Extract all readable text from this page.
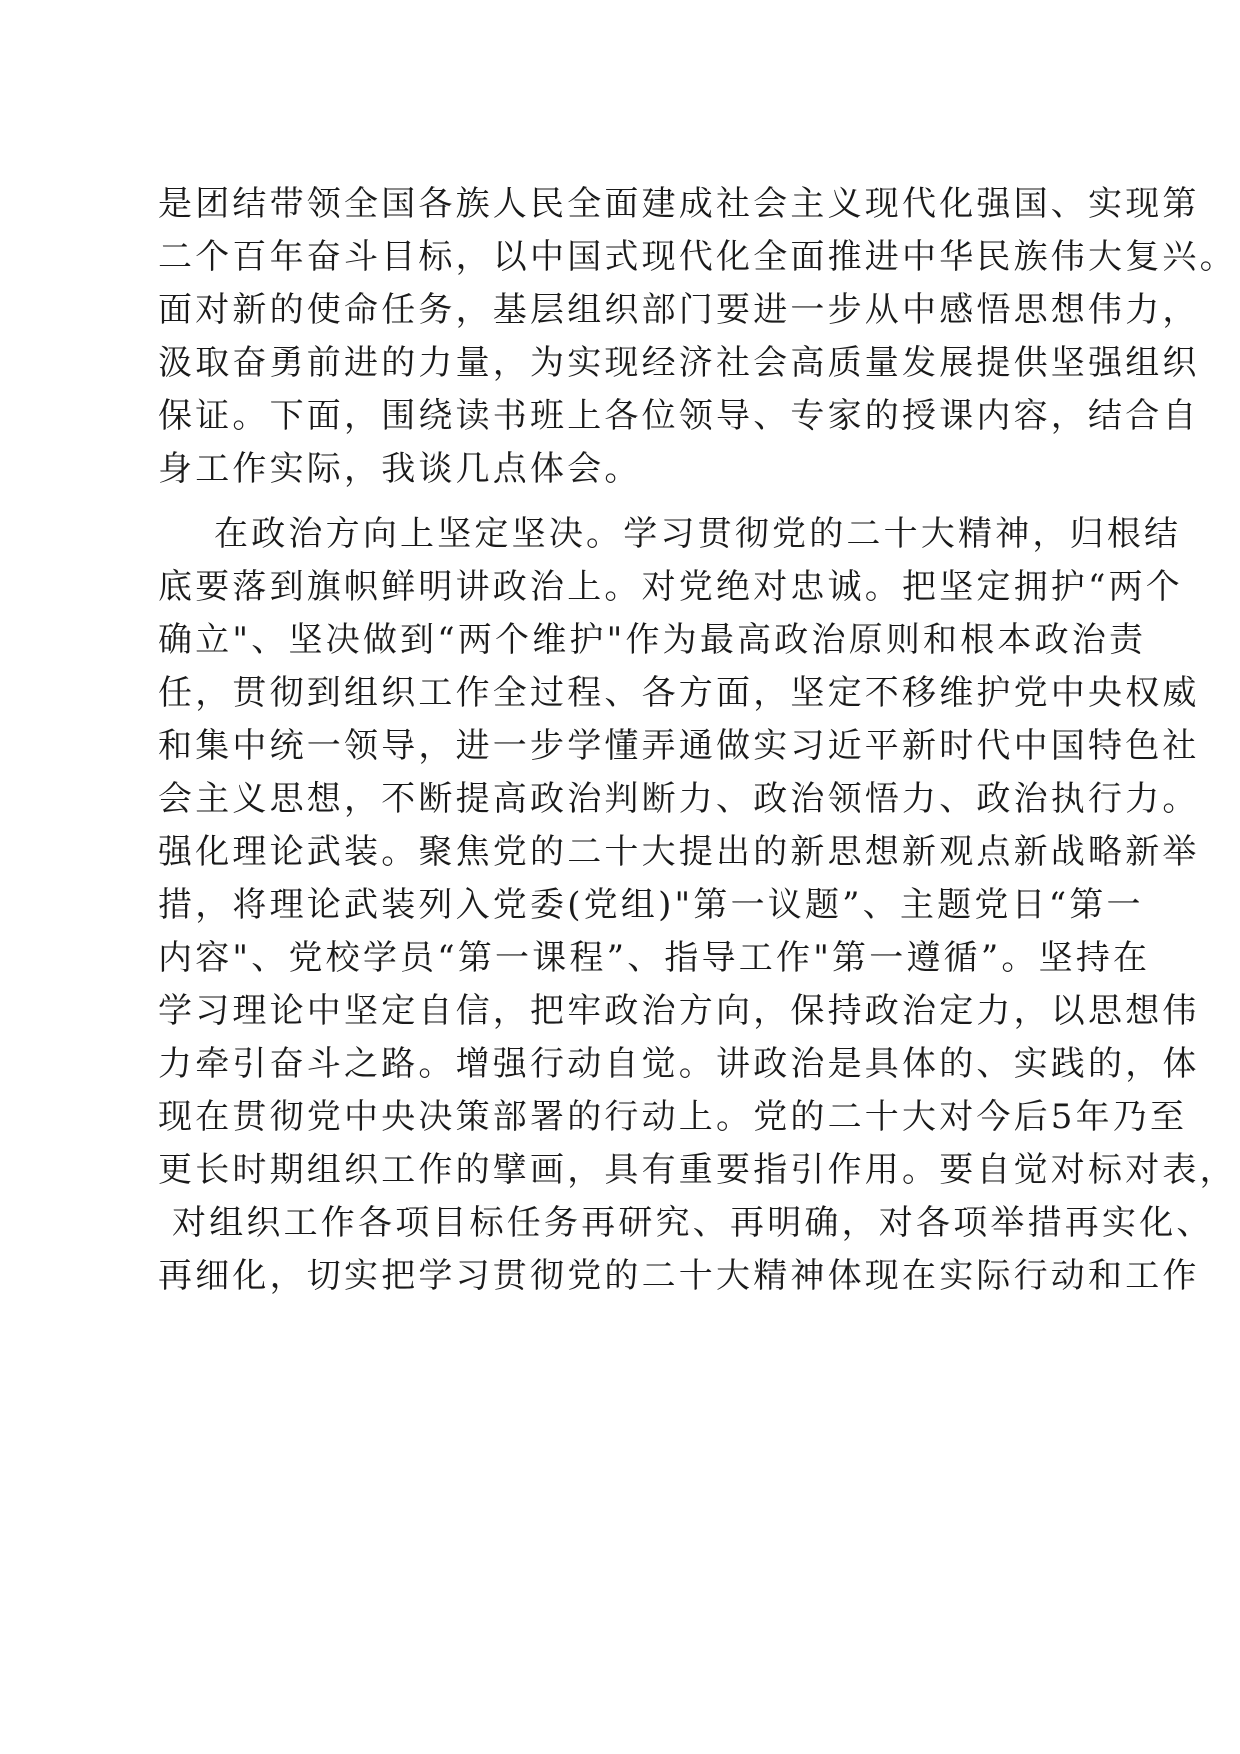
是团结带领全国各族人民全面建成社会主义现代化强国、实现第
二个百年奋斗目标，以中国式现代化全面推进中华民族伟大复兴。
面对新的使命任务，基层组织部门要进一步从中感悟思想伟力，
汲取奋勇前进的力量，为实现经济社会高质量发展提供坚强组织
保证。下面，围绕读书班上各位领导、专家的授课内容，结合自
身工作实际，我谈几点体会。
在政治方向上坚定坚决。学习贯彻党的二十大精神，归根结
底要落到旗帜鲜明讲政治上。对党绝对忠诚。把坚定拥护“两个
确立"、坚决做到“两个维护"作为最高政治原则和根本政治责
任，贯彻到组织工作全过程、各方面，坚定不移维护党中央权威
和集中统一领导，进一步学懂弄通做实习近平新时代中国特色社
会主义思想，不断提高政治判断力、政治领悟力、政治执行力。
强化理论武装。聚焦党的二十大提出的新思想新观点新战略新举
措，将理论武装列入党委(党组)"第一议题”、主题党日“第一
内容"、党校学员“第一课程”、指导工作"第一遵循”。坚持在
学习理论中坚定自信，把牢政治方向，保持政治定力，以思想伟
力牵引奋斗之路。增强行动自觉。讲政治是具体的、实践的，体
现在贯彻党中央决策部署的行动上。党的二十大对今后5年乃至
更长时期组织工作的擘画，具有重要指引作用。要自觉对标对表，
对组织工作各项目标任务再研究、再明确，对各项举措再实化、
再细化，切实把学习贯彻党的二十大精神体现在实际行动和工作
